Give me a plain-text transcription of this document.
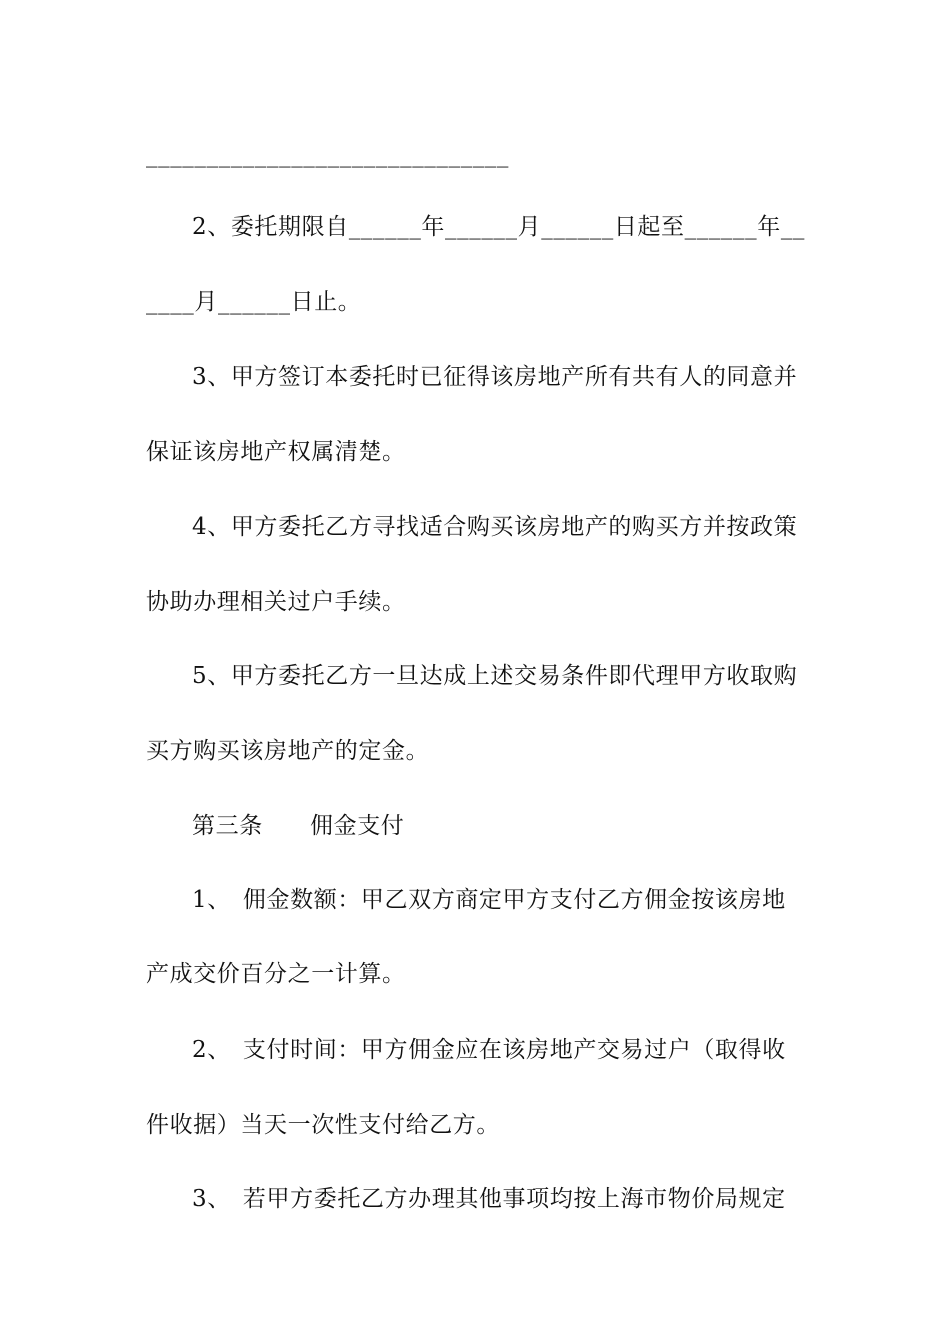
______________________________
2、委托期限自______年______月______日起至______年__
____月______日止。
3、甲方签订本委托时已征得该房地产所有共有人的同意并
保证该房地产权属清楚。
4、甲方委托乙方寻找适合购买该房地产的购买方并按政策
协助办理相关过户手续。
5、甲方委托乙方一旦达成上述交易条件即代理甲方收取购
买方购买该房地产的定金。
第三条　　佣金支付
1、　佣金数额：甲乙双方商定甲方支付乙方佣金按该房地
产成交价百分之一计算。
2、　支付时间：甲方佣金应在该房地产交易过户（取得收
件收据）当天一次性支付给乙方。
3、　若甲方委托乙方办理其他事项均按上海市物价局规定
